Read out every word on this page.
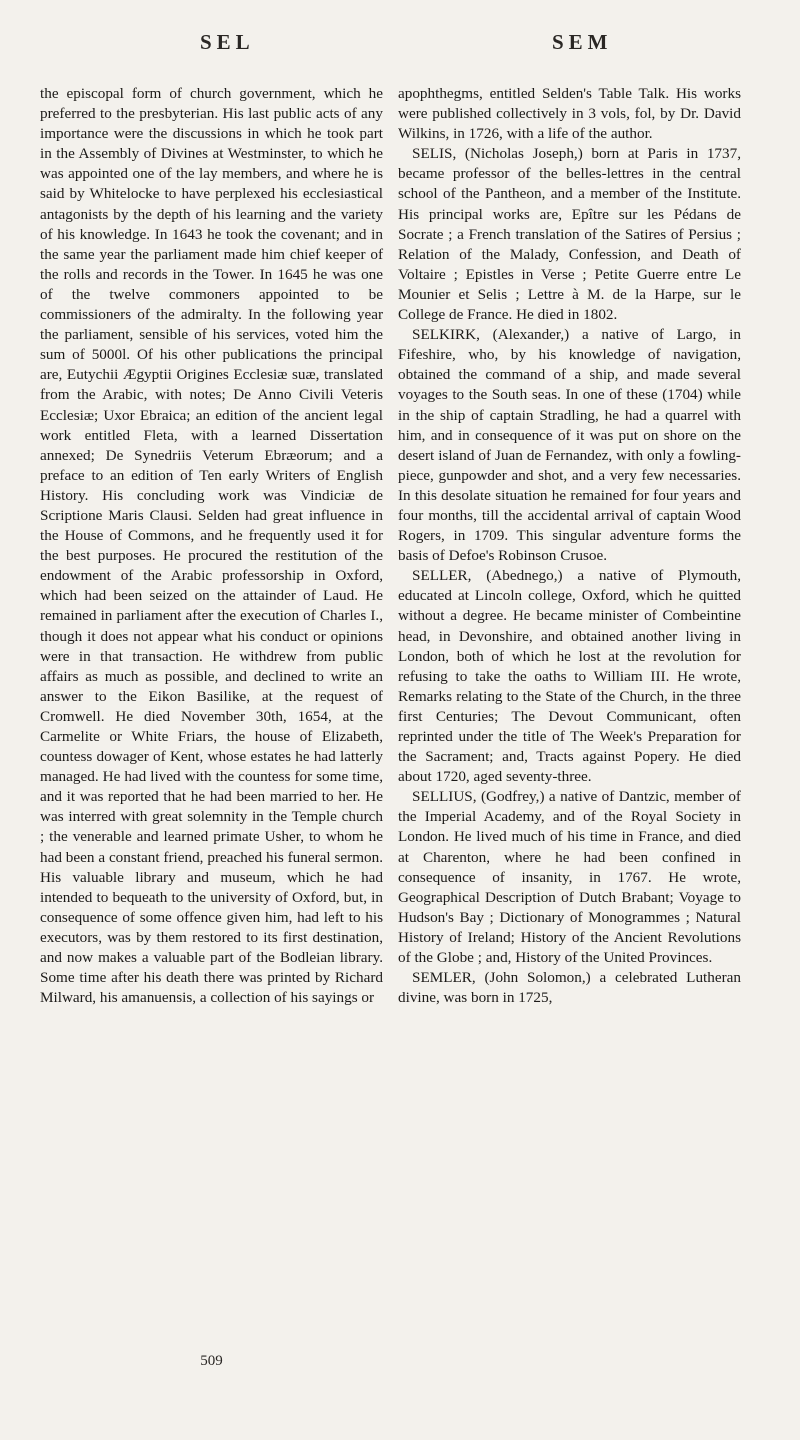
SEL	SEM

the episcopal form of church government, which he preferred to the presbyterian. His last public acts of any importance were the discussions in which he took part in the Assembly of Divines at Westminster, to which he was appointed one of the lay members, and where he is said by Whitelocke to have perplexed his ecclesiastical antagonists by the depth of his learning and the variety of his knowledge. In 1643 he took the covenant; and in the same year the parliament made him chief keeper of the rolls and records in the Tower. In 1645 he was one of the twelve commoners appointed to be commissioners of the admiralty. In the following year the parliament, sensible of his services, voted him the sum of 5000l. Of his other publications the principal are, Eutychii Ægyptii Origines Ecclesiæ suæ, translated from the Arabic, with notes; De Anno Civili Veteris Ecclesiæ; Uxor Ebraica; an edition of the ancient legal work entitled Fleta, with a learned Dissertation annexed; De Synedriis Veterum Ebræorum; and a preface to an edition of Ten early Writers of English History. His concluding work was Vindiciæ de Scriptione Maris Clausi. Selden had great influence in the House of Commons, and he frequently used it for the best purposes. He procured the restitution of the endowment of the Arabic professorship in Oxford, which had been seized on the attainder of Laud. He remained in parliament after the execution of Charles I., though it does not appear what his conduct or opinions were in that transaction. He withdrew from public affairs as much as possible, and declined to write an answer to the Eikon Basilike, at the request of Cromwell. He died November 30th, 1654, at the Carmelite or White Friars, the house of Elizabeth, countess dowager of Kent, whose estates he had latterly managed. He had lived with the countess for some time, and it was reported that he had been married to her. He was interred with great solemnity in the Temple church ; the venerable and learned primate Usher, to whom he had been a constant friend, preached his funeral sermon. His valuable library and museum, which he had intended to bequeath to the university of Oxford, but, in consequence of some offence given him, had left to his executors, was by them restored to its first destination, and now makes a valuable part of the Bodleian library. Some time after his death there was printed by Richard Milward, his amanuensis, a collection of his sayings or

apophthegms, entitled Selden's Table Talk. His works were published collectively in 3 vols, fol, by Dr. David Wilkins, in 1726, with a life of the author.

SELIS, (Nicholas Joseph,) born at Paris in 1737, became professor of the belles-lettres in the central school of the Pantheon, and a member of the Institute. His principal works are, Epître sur les Pédans de Socrate ; a French translation of the Satires of Persius ; Relation of the Malady, Confession, and Death of Voltaire ; Epistles in Verse ; Petite Guerre entre Le Mounier et Selis ; Lettre à M. de la Harpe, sur le College de France. He died in 1802.

SELKIRK, (Alexander,) a native of Largo, in Fifeshire, who, by his knowledge of navigation, obtained the command of a ship, and made several voyages to the South seas. In one of these (1704) while in the ship of captain Stradling, he had a quarrel with him, and in consequence of it was put on shore on the desert island of Juan de Fernandez, with only a fowling-piece, gunpowder and shot, and a very few necessaries. In this desolate situation he remained for four years and four months, till the accidental arrival of captain Wood Rogers, in 1709. This singular adventure forms the basis of Defoe's Robinson Crusoe.

SELLER, (Abednego,) a native of Plymouth, educated at Lincoln college, Oxford, which he quitted without a degree. He became minister of Combeintine head, in Devonshire, and obtained another living in London, both of which he lost at the revolution for refusing to take the oaths to William III. He wrote, Remarks relating to the State of the Church, in the three first Centuries; The Devout Communicant, often reprinted under the title of The Week's Preparation for the Sacrament; and, Tracts against Popery. He died about 1720, aged seventy-three.

SELLIUS, (Godfrey,) a native of Dantzic, member of the Imperial Academy, and of the Royal Society in London. He lived much of his time in France, and died at Charenton, where he had been confined in consequence of insanity, in 1767. He wrote, Geographical Description of Dutch Brabant; Voyage to Hudson's Bay ; Dictionary of Monogrammes ; Natural History of Ireland; History of the Ancient Revolutions of the Globe ; and, History of the United Provinces.

SEMLER, (John Solomon,) a celebrated Lutheran divine, was born in 1725,

509
